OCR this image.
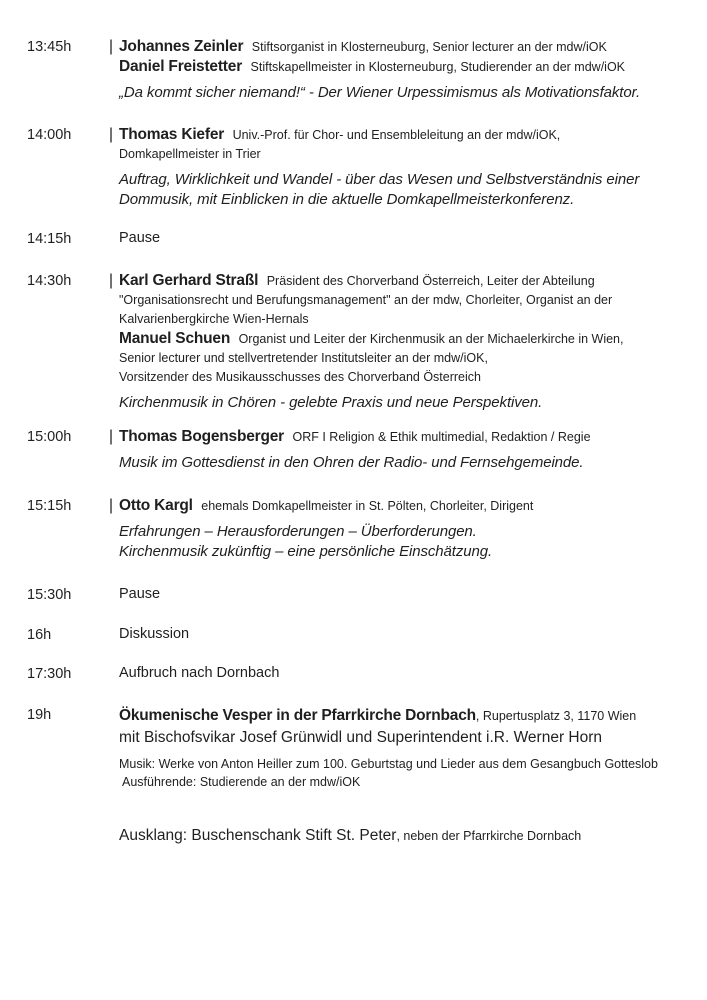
13:45h | Johannes Zeinler Stiftsorganist in Klosterneuburg, Senior lecturer an der mdw/iOK
Daniel Freistetter Stiftskapellmeister in Klosterneuburg, Studierender an der mdw/iOK
„Da kommt sicher niemand!“ - Der Wiener Urpessimismus als Motivationsfaktor.
14:00h | Thomas Kiefer Univ.-Prof. für Chor- und Ensembleleitung an der mdw/iOK,
Domkapellmeister in Trier
Auftrag, Wirklichkeit und Wandel - über das Wesen und Selbstverständnis einer
Dommusik, mit Einblicken in die aktuelle Domkapellmeisterkonferenz.
14:15h	Pause
14:30h | Karl Gerhard Straßl Präsident des Chorverband Österreich, Leiter der Abteilung
"Organisationsrecht und Berufungsmanagement" an der mdw, Chorleiter, Organist an der
Kalvarienbergkirche Wien-Hernals
Manuel Schuen Organist und Leiter der Kirchenmusik an der Michaelerkirche in Wien,
Senior lecturer und stellvertretender Institutsleiter an der mdw/iOK,
Vorsitzender des Musikausschusses des Chorverband Österreich
Kirchenmusik in Chören - gelebte Praxis und neue Perspektiven.
15:00h | Thomas Bogensberger ORF I Religion & Ethik multimedial, Redaktion / Regie
Musik im Gottesdienst in den Ohren der Radio- und Fernsehgemeinde.
15:15h | Otto Kargl ehemals Domkapellmeister in St. Pölten, Chorleiter, Dirigent
Erfahrungen – Herausforderungen – Überforderungen.
Kirchenmusik zukünftig – eine persönliche Einschätzung.
15:30h	Pause
16h	Diskussion
17:30h	Aufbruch nach Dornbach
19h	Ökumenische Vesper in der Pfarrkirche Dornbach, Rupertusplatz 3, 1170 Wien
mit Bischofsvikar Josef Grünwidl und Superintendent i.R. Werner Horn
Musik: Werke von Anton Heiller zum 100. Geburtstag und Lieder aus dem Gesangbuch Gotteslob
Ausführende: Studierende an der mdw/iOK
Ausklang: Buschenschank Stift St. Peter, neben der Pfarrkirche Dornbach
